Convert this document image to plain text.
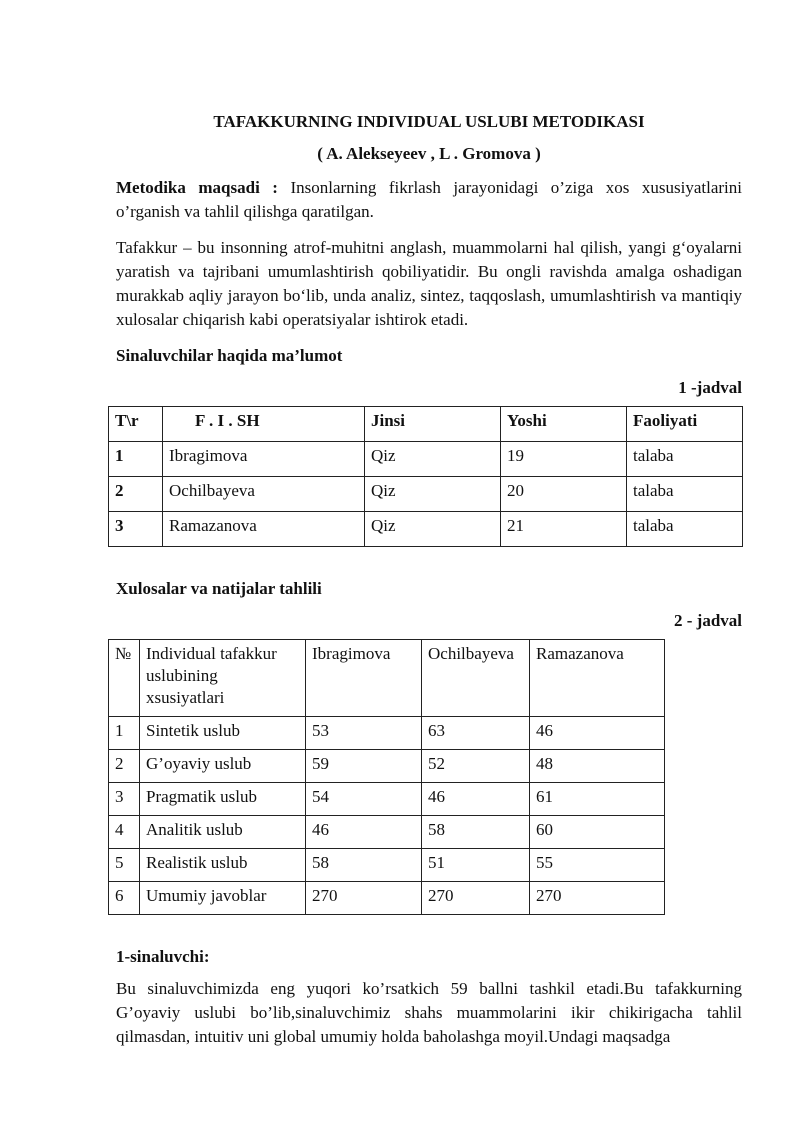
TAFAKKURNING INDIVIDUAL USLUBI METODIKASI
( A. Alekseyeev , L . Gromova )

Metodika maqsadi : Insonlarning fikrlash jarayonidagi o’ziga xos xususiyatlarini o’rganish va tahlil qilishga qaratilgan.

Tafakkur – bu insonning atrof-muhitni anglash, muammolarni hal qilish, yangi g‘oyalarni yaratish va tajribani umumlashtirish qobiliyatidir. Bu ongli ravishda amalga oshadigan murakkab aqliy jarayon bo‘lib, unda analiz, sintez, taqqoslash, umumlashtirish va mantiqiy xulosalar chiqarish kabi operatsiyalar ishtirok etadi.

Sinaluvchilar haqida ma’lumot
1 -jadval
T\r	F . I . SH	Jinsi	Yoshi	Faoliyati
1	Ibragimova	Qiz	19	talaba
2	Ochilbayeva	Qiz	20	talaba
3	Ramazanova	Qiz	21	talaba
Xulosalar va natijalar tahlili
2 - jadval
№	Individual tafakkur uslubining xsusiyatlari	Ibragimova	Ochilbayeva	Ramazanova
1	Sintetik uslub	53	63	46
2	G’oyaviy uslub	59	52	48
3	Pragmatik uslub	54	46	61
4	Analitik uslub	46	58	60
5	Realistik uslub	58	51	55
6	Umumiy javoblar	270	270	270
1-sinaluvchi:

Bu sinaluvchimizda eng yuqori ko’rsatkich 59 ballni tashkil etadi.Bu tafakkurning G’oyaviy uslubi bo’lib,sinaluvchimiz shahs muammolarini ikir chikirigacha tahlil qilmasdan, intuitiv uni global umumiy holda baholashga moyil.Undagi maqsadga
